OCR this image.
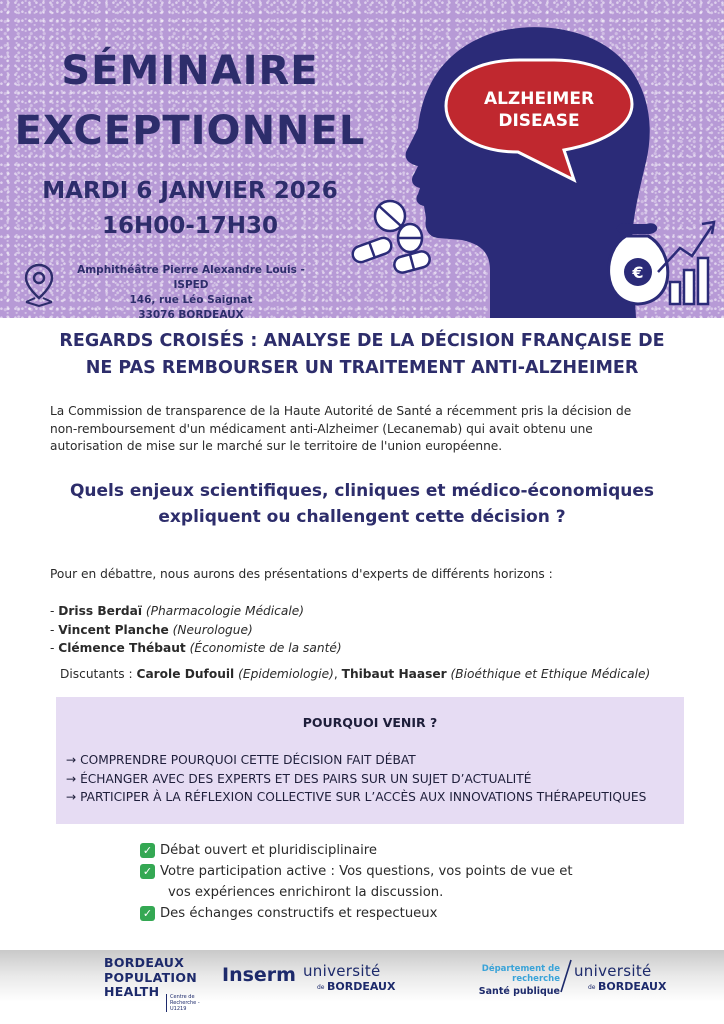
SÉMINAIRE
EXCEPTIONNEL
MARDI 6 JANVIER 2026
16H00-17H30
Amphithéâtre Pierre Alexandre Louis - ISPED
146, rue Léo Saignat
33076 BORDEAUX
ALZHEIMER
DISEASE
€
REGARDS CROISÉS : ANALYSE DE LA DÉCISION FRANÇAISE DE
NE PAS REMBOURSER UN TRAITEMENT ANTI-ALZHEIMER
La Commission de transparence de la Haute Autorité de Santé a récemment pris la décision de
non-remboursement d'un médicament anti-Alzheimer (Lecanemab) qui avait obtenu une
autorisation de mise sur le marché sur le territoire de l'union européenne.
Quels enjeux scientifiques, cliniques et médico-économiques
expliquent ou challengent cette décision ?
Pour en débattre, nous aurons des présentations d'experts de différents horizons :
- Driss Berdaï (Pharmacologie Médicale)
- Vincent Planche (Neurologue)
- Clémence Thébaut (Économiste de la santé)
Discutants : Carole Dufouil (Epidemiologie), Thibaut Haaser (Bioéthique et Ethique Médicale)
POURQUOI VENIR ?
→ COMPRENDRE POURQUOI CETTE DÉCISION FAIT DÉBAT
→ ÉCHANGER AVEC DES EXPERTS ET DES PAIRS SUR UN SUJET D’ACTUALITÉ
→ PARTICIPER À LA RÉFLEXION COLLECTIVE SUR L’ACCÈS AUX INNOVATIONS THÉRAPEUTIQUES
✓ Débat ouvert et pluridisciplinaire
✓ Votre participation active : Vos questions, vos points de vue et
vos expériences enrichiront la discussion.
✓ Des échanges constructifs et respectueux
BORDEAUX
POPULATION
HEALTH	Centre de Recherche - U1219
Inserm université
de BORDEAUX
Département de recherche
Santé publique
université
de BORDEAUX
